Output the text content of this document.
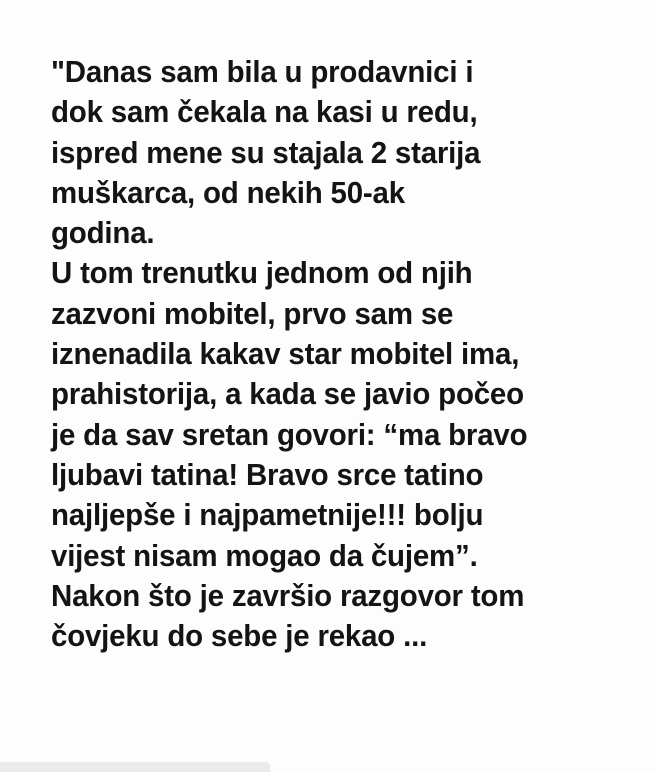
"Danas sam bila u prodavnici i
dok sam čekala na kasi u redu,
ispred mene su stajala 2 starija
muškarca, od nekih 50-ak
godina.
U tom trenutku jednom od njih
zazvoni mobitel, prvo sam se
iznenadila kakav star mobitel ima,
prahistorija, a kada se javio počeo
je da sav sretan govori: “ma bravo
ljubavi tatina! Bravo srce tatino
najljepše i najpametnije!!! bolju
vijest nisam mogao da čujem”.
Nakon što je završio razgovor tom
čovjeku do sebe je rekao ...
